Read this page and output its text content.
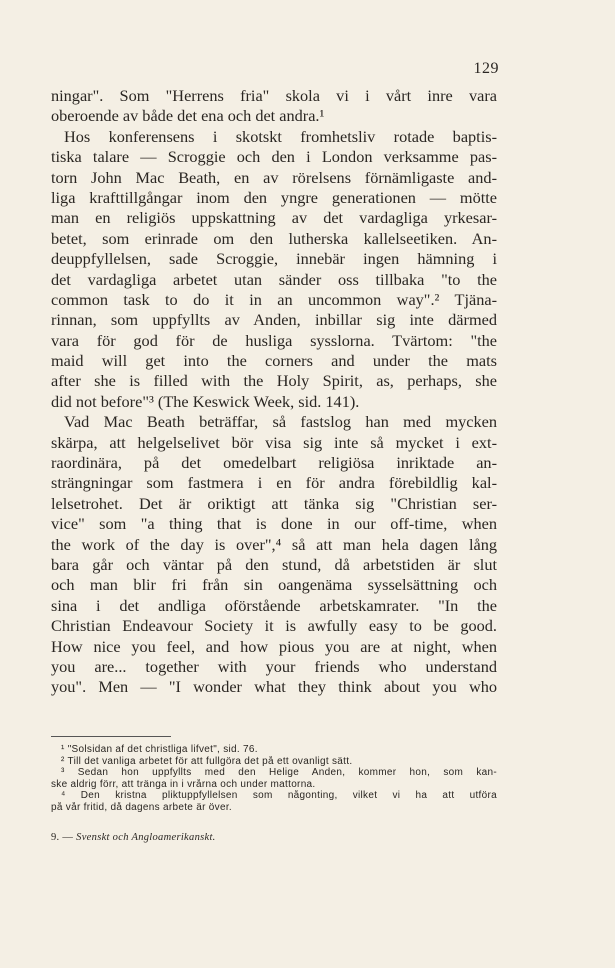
129
ningar". Som "Herrens fria" skola vi i vårt inre vara
oberoende av både det ena och det andra.¹
Hos konferensens i skotskt fromhetsliv rotade baptis-
tiska talare — Scroggie och den i London verksamme pas-
torn John Mac Beath, en av rörelsens förnämligaste and-
liga krafttillgångar inom den yngre generationen — mötte
man en religiös uppskattning av det vardagliga yrkesar-
betet, som erinrade om den lutherska kallelseetiken. An-
deuppfyllelsen, sade Scroggie, innebär ingen hämning i
det vardagliga arbetet utan sänder oss tillbaka "to the
common task to do it in an uncommon way".² Tjäna-
rinnan, som uppfyllts av Anden, inbillar sig inte därmed
vara för god för de husliga sysslorna. Tvärtom: "the
maid will get into the corners and under the mats
after she is filled with the Holy Spirit, as, perhaps, she
did not before"³ (The Keswick Week, sid. 141).
Vad Mac Beath beträffar, så fastslog han med mycken
skärpa, att helgelselivet bör visa sig inte så mycket i ext-
raordinära, på det omedelbart religiösa inriktade an-
strängningar som fastmera i en för andra förebildlig kal-
lelsetrohet. Det är oriktigt att tänka sig "Christian ser-
vice" som "a thing that is done in our off-time, when
the work of the day is over",⁴ så att man hela dagen lång
bara går och väntar på den stund, då arbetstiden är slut
och man blir fri från sin oangenäma sysselsättning och
sina i det andliga oförstående arbetskamrater. "In the
Christian Endeavour Society it is awfully easy to be good.
How nice you feel, and how pious you are at night, when
you are... together with your friends who understand
you". Men — "I wonder what they think about you who
¹ "Solsidan af det christliga lifvet", sid. 76.
² Till det vanliga arbetet för att fullgöra det på ett ovanligt sätt.
³ Sedan hon uppfyllts med den Helige Anden, kommer hon, som kan-
ske aldrig förr, att tränga in i vrårna och under mattorna.
⁴ Den kristna pliktuppfyllelsen som någonting, vilket vi ha att utföra
på vår fritid, då dagens arbete är över.
9. — Svenskt och Angloamerikanskt.
